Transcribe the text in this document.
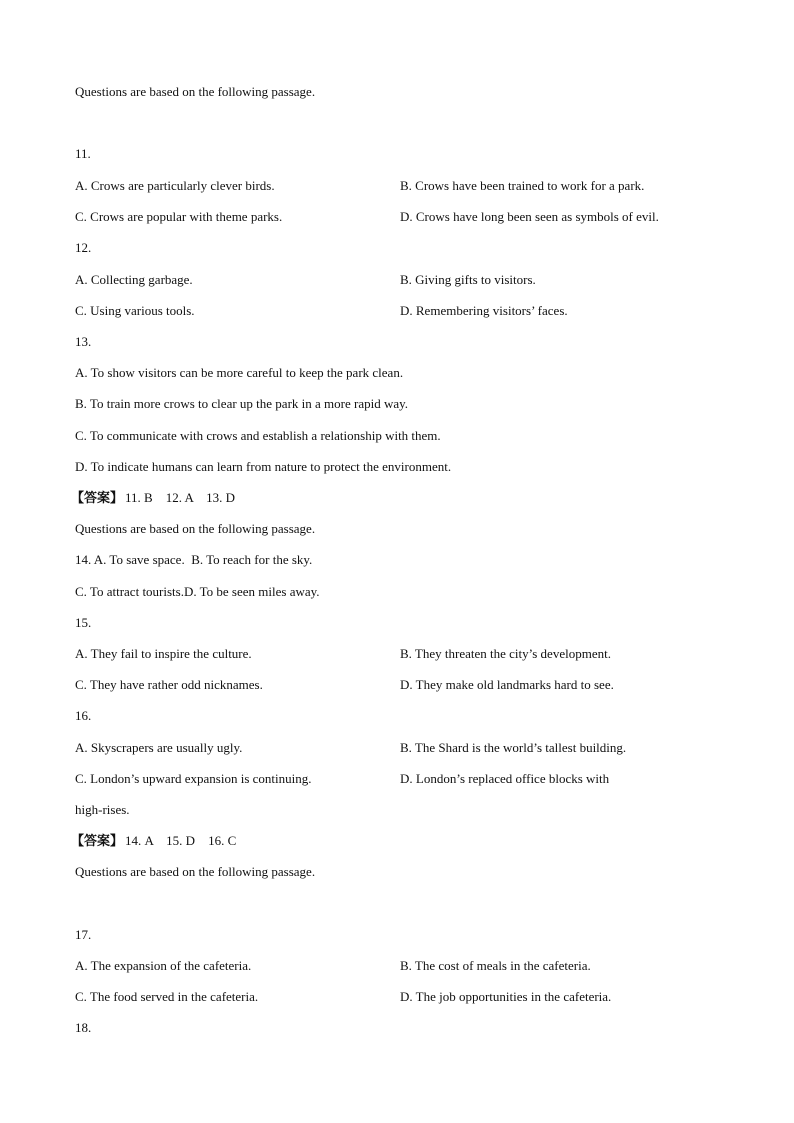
Questions are based on the following passage.
11.
A. Crows are particularly clever birds.	B. Crows have been trained to work for a park.
C. Crows are popular with theme parks.	D. Crows have long been seen as symbols of evil.
12.
A. Collecting garbage.	B. Giving gifts to visitors.
C. Using various tools.	D. Remembering visitors’ faces.
13.
A. To show visitors can be more careful to keep the park clean.
B. To train more crows to clear up the park in a more rapid way.
C. To communicate with crows and establish a relationship with them.
D. To indicate humans can learn from nature to protect the environment.
【答案】 11. B    12. A    13. D
Questions are based on the following passage.
14. A. To save space.  B. To reach for the sky.
C. To attract tourists.D. To be seen miles away.
15.
A. They fail to inspire the culture.	B. They threaten the city’s development.
C. They have rather odd nicknames.	D. They make old landmarks hard to see.
16.
A. Skyscrapers are usually ugly.	B. The Shard is the world’s tallest building.
C. London’s upward expansion is continuing.	D. London’s replaced office blocks with
high-rises.
【答案】 14. A    15. D    16. C
Questions are based on the following passage.
17.
A. The expansion of the cafeteria.	B. The cost of meals in the cafeteria.
C. The food served in the cafeteria.	D. The job opportunities in the cafeteria.
18.
